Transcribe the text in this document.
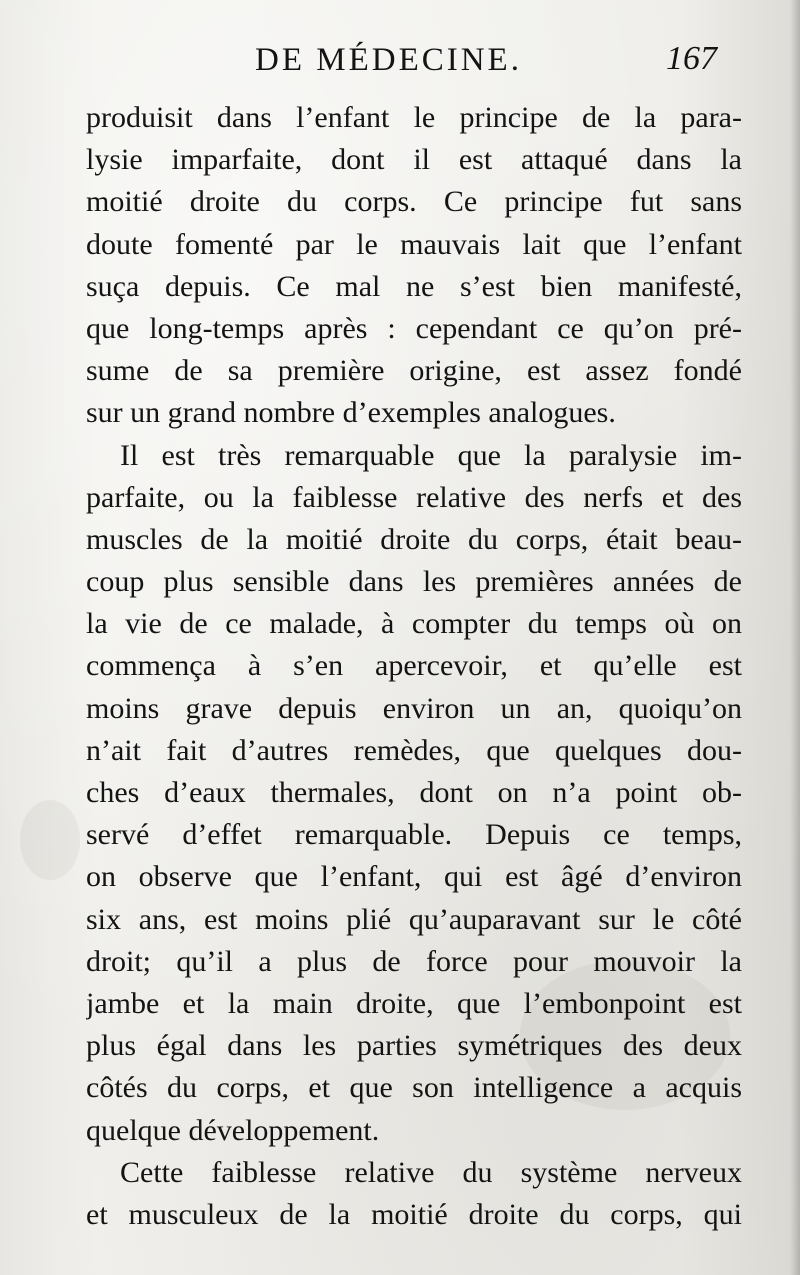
DE MÉDECINE.	167
produisit dans l’enfant le principe de la para-
lysie imparfaite, dont il est attaqué dans la
moitié droite du corps. Ce principe fut sans
doute fomenté par le mauvais lait que l’enfant
suça depuis. Ce mal ne s’est bien manifesté,
que long-temps après : cependant ce qu’on pré-
sume de sa première origine, est assez fondé
sur un grand nombre d’exemples analogues.
Il est très remarquable que la paralysie im-
parfaite, ou la faiblesse relative des nerfs et des
muscles de la moitié droite du corps, était beau-
coup plus sensible dans les premières années de
la vie de ce malade, à compter du temps où on
commença à s’en apercevoir, et qu’elle est
moins grave depuis environ un an, quoiqu’on
n’ait fait d’autres remèdes, que quelques dou-
ches d’eaux thermales, dont on n’a point ob-
servé d’effet remarquable. Depuis ce temps,
on observe que l’enfant, qui est âgé d’environ
six ans, est moins plié qu’auparavant sur le côté
droit; qu’il a plus de force pour mouvoir la
jambe et la main droite, que l’embonpoint est
plus égal dans les parties symétriques des deux
côtés du corps, et que son intelligence a acquis
quelque développement.
Cette faiblesse relative du système nerveux
et musculeux de la moitié droite du corps, qui
